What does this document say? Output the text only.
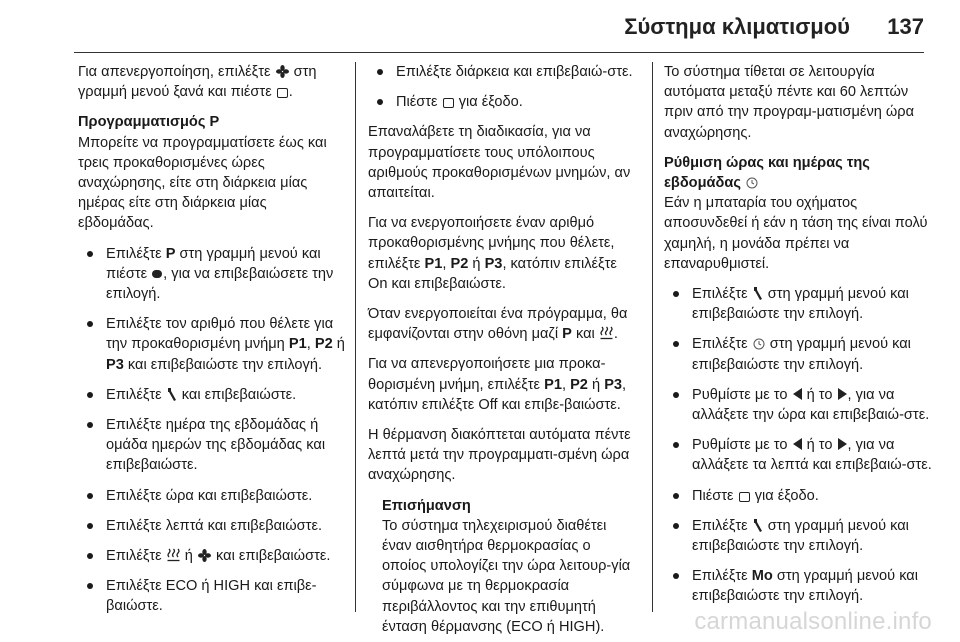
Σύστημα κλιματισμού 137

Για απενεργοποίηση, επιλέξτε στη γραμμή μενού ξανά και πιέστε .

Προγραμματισμός P

Μπορείτε να προγραμματίσετε έως και τρεις προκαθορισμένες ώρες αναχώρησης, είτε στη διάρκεια μίας ημέρας είτε στη διάρκεια μίας εβδομάδας.

Επιλέξτε P στη γραμμή μενού και πιέστε , για να επιβεβαιώσετε την επιλογή.
Επιλέξτε τον αριθμό που θέλετε για την προκαθορισμένη μνήμη P1, P2 ή P3 και επιβεβαιώστε την επιλογή.
Επιλέξτε και επιβεβαιώστε.
Επιλέξτε ημέρα της εβδομάδας ή ομάδα ημερών της εβδομάδας και επιβεβαιώστε.
Επιλέξτε ώρα και επιβεβαιώστε.
Επιλέξτε λεπτά και επιβεβαιώστε.
Επιλέξτε ή και επιβεβαιώστε.
Επιλέξτε ECO ή HIGH και επιβε-βαιώστε.
Επιλέξτε διάρκεια και επιβεβαιώ-στε.
Πιέστε για έξοδο.

Επαναλάβετε τη διαδικασία, για να προγραμματίσετε τους υπόλοιπους αριθμούς προκαθορισμένων μνημών, αν απαιτείται.

Για να ενεργοποιήσετε έναν αριθμό προκαθορισμένης μνήμης που θέλετε, επιλέξτε P1, P2 ή P3, κατόπιν επιλέξτε On και επιβεβαιώστε.

Όταν ενεργοποιείται ένα πρόγραμμα, θα εμφανίζονται στην οθόνη μαζί P και .

Για να απενεργοποιήσετε μια προκα-θορισμένη μνήμη, επιλέξτε P1, P2 ή P3, κατόπιν επιλέξτε Off και επιβε-βαιώστε.

Η θέρμανση διακόπτεται αυτόματα πέντε λεπτά μετά την προγραμματι-σμένη ώρα αναχώρησης.

Επισήμανση
Το σύστημα τηλεχειρισμού διαθέτει έναν αισθητήρα θερμοκρασίας ο οποίος υπολογίζει την ώρα λειτουρ-γία σύμφωνα με τη θερμοκρασία περιβάλλοντος και την επιθυμητή ένταση θέρμανσης (ECO ή HIGH).

Το σύστημα τίθεται σε λειτουργία αυτόματα μεταξύ πέντε και 60 λεπτών πριν από την προγραμ-ματισμένη ώρα αναχώρησης.

Ρύθμιση ώρας και ημέρας της εβδομάδας

Εάν η μπαταρία του οχήματος αποσυνδεθεί ή εάν η τάση της είναι πολύ χαμηλή, η μονάδα πρέπει να επαναρυθμιστεί.

Επιλέξτε στη γραμμή μενού και επιβεβαιώστε την επιλογή.
Επιλέξτε στη γραμμή μενού και επιβεβαιώστε την επιλογή.
Ρυθμίστε με το ή το , για να αλλάξετε την ώρα και επιβεβαιώ-στε.
Ρυθμίστε με το ή το , για να αλλάξετε τα λεπτά και επιβεβαιώ-στε.
Πιέστε για έξοδο.
Επιλέξτε στη γραμμή μενού και επιβεβαιώστε την επιλογή.
Επιλέξτε Mo στη γραμμή μενού και επιβεβαιώστε την επιλογή.
carmanualsonline.info
